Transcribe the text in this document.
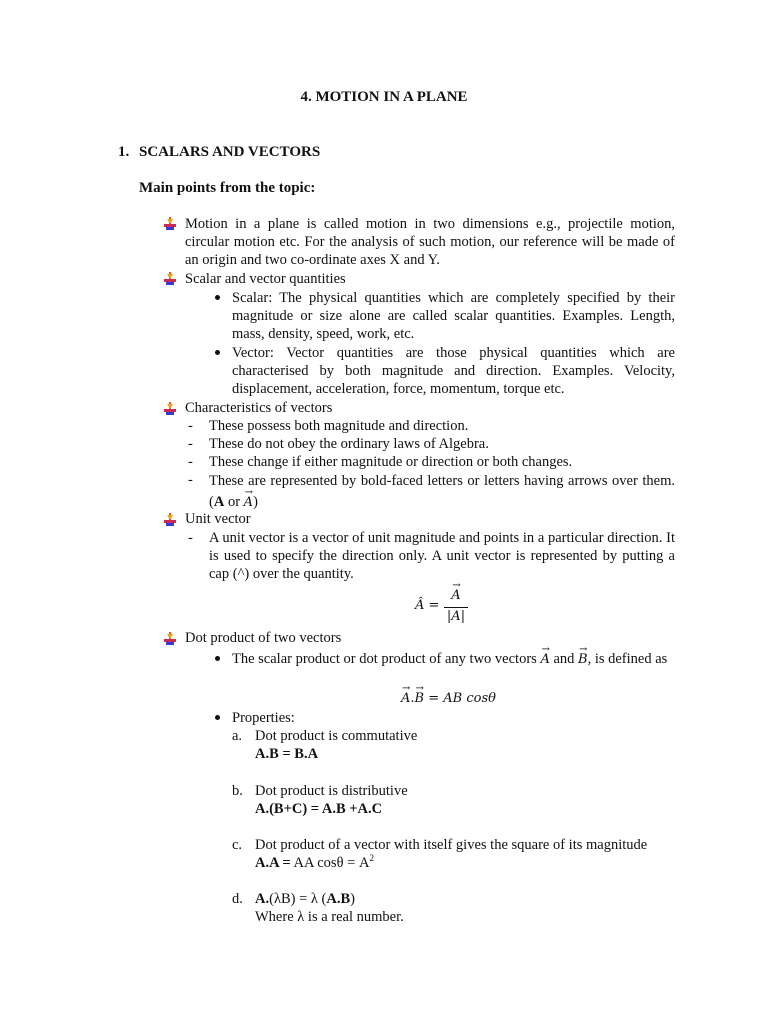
4. MOTION IN A PLANE
1. SCALARS AND VECTORS
Main points from the topic:
Motion in a plane is called motion in two dimensions e.g., projectile motion, circular motion etc. For the analysis of such motion, our reference will be made of an origin and two co-ordinate axes X and Y.
Scalar and vector quantities
Scalar: The physical quantities which are completely specified by their magnitude or size alone are called scalar quantities. Examples. Length, mass, density, speed, work, etc.
Vector: Vector quantities are those physical quantities which are characterised by both magnitude and direction. Examples. Velocity, displacement, acceleration, force, momentum, torque etc.
Characteristics of vectors
- These possess both magnitude and direction.
- These do not obey the ordinary laws of Algebra.
- These change if either magnitude or direction or both changes.
- These are represented by bold-faced letters or letters having arrows over them. (A or → A)
Unit vector
- A unit vector is a vector of unit magnitude and points in a particular direction. It is used to specify the direction only. A unit vector is represented by putting a cap (^) over the quantity.
Â =
→ A
|A|
Dot product of two vectors
The scalar product or dot product of any two vectors → A and → B, is defined as
→ A.→ B = AB cosθ
Properties:
a. Dot product is commutative
A.B = B.A
b. Dot product is distributive
A.(B+C) = A.B +A.C
c. Dot product of a vector with itself gives the square of its magnitude
A.A = AA $\cos\theta = A^2$
d. A.(λB) = λ (A.B)
Where λ is a real number.
